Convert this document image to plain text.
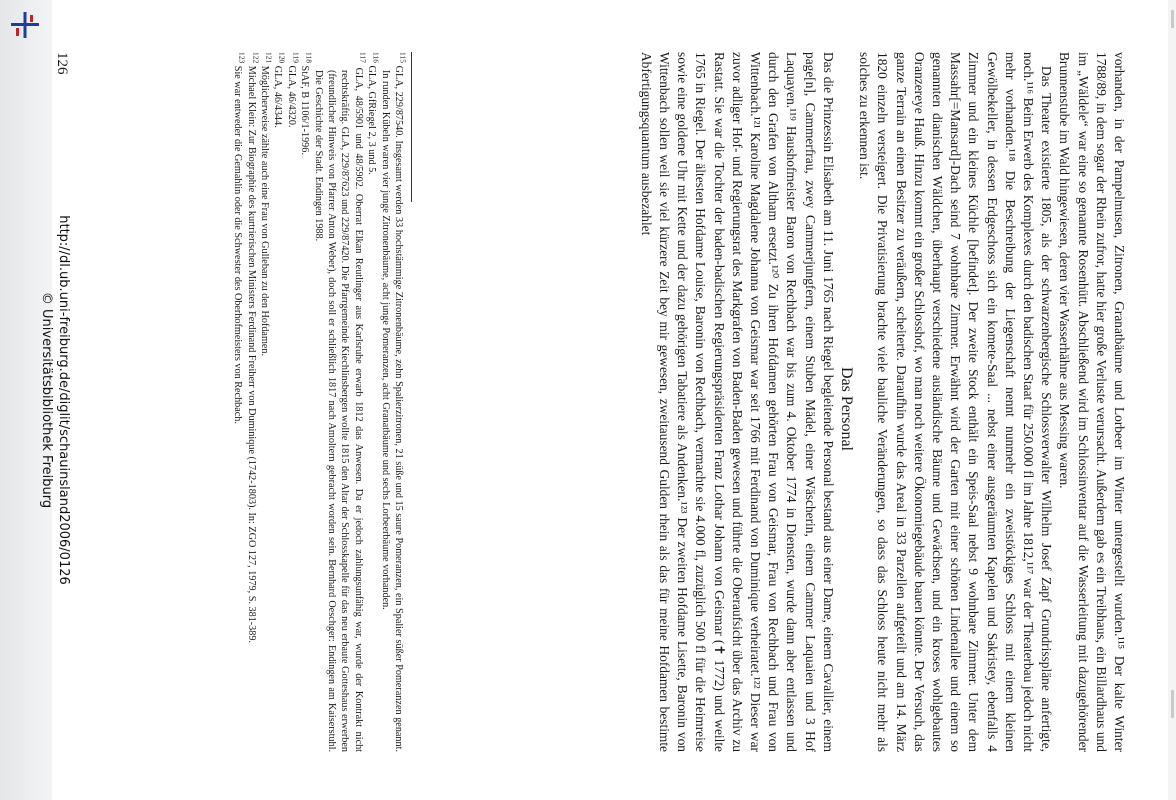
vorhanden, in der Pampelmusen, Zitronen, Granatbäume und Lorbeer im Winter untergestellt wurden.¹¹⁵ Der kalte Winter 1788/89, in dem sogar der Rhein zufror, hatte hier große Verluste verursacht. Außerdem gab es ein Treibhaus, ein Billardhaus und im „Wäldele“ war eine so genannte Rosenhütt. Abschließend wird im Schlossinventar auf die Wasserleitung mit dazugehörender Brunnenstube im Wald hingewiesen, deren vier Wasserhähne aus Messing waren.

Das Theater existierte 1805, als der schwarzenbergische Schlossverwalter Wilhelm Josef Zapf Grundrisspläne anfertigte, noch.¹¹⁶ Beim Erwerb des Komplexes durch den badischen Staat für 250.000 fl im Jahre 1812,¹¹⁷ war der Theaterbau jedoch nicht mehr vorhanden.¹¹⁸ Die Beschreibung der Liegenschaft nennt nunmehr ein zweistöckiges Schloss mit einem kleinen Gewölbekeller, in dessen Erdgeschoss sich ein komete-Saal ... nebst einer ausgeräumten Kapelen und Sakristey, ebenfalls 4 Zimmer und ein kleines Küchle [befindet]. Der zweite Stock enthält ein Speis-Saal nebst 9 wohnbare Zimmer. Unter dem Massahr[=Mansard]-Dach seind 7 wohnbare Zimmer. Erwähnt wird der Garten mit einer schönen Lindenallee und einem so genannten dianischen Wäldchen, überhaupt verschiedene ausländische Bäume und Gewächsen, und ein kroses wohlgebautes Oranzereye Hauß. Hinzu kommt ein großer Schlosshof, wo man noch weitere Ökonomiegebäude bauen könnte. Der Versuch, das ganze Terrain an einen Besitzer zu veräußern, scheiterte. Daraufhin wurde das Areal in 33 Parzellen aufgeteilt und am 14. März 1820 einzeln versteigert. Die Privatisierung brachte viele bauliche Veränderungen, so dass das Schloss heute nicht mehr als solches zu erkennen ist.

Das Personal

Das die Prinzessin Elisabeth am 11. Juni 1765 nach Riegel begleitende Personal bestand aus einer Dame, einem Cavallier, einem page[n], Cammerfrau, zwey Cammerjungfern, einem Stuben Mädel, einer Wäscherin, einem Cammer Laquaien und 3 Hof Laquayen.¹¹⁹ Haushofmeister Baron von Rechbach war bis zum 4. Oktober 1774 in Diensten, wurde dann aber entlassen und durch den Grafen von Altham ersetzt.¹²⁰ Zu ihren Hofdamen gehörten Frau von Geismar, Frau von Rechbach und Frau von Wittenbach.¹²¹ Karoline Magdalene Johanna von Geismar war seit 1766 mit Ferdinand von Duminique verheiratet.¹²² Dieser war zuvor adliger Hof- und Regierungsrat des Markgrafen von Baden-Baden gewesen und führte die Oberaufsicht über das Archiv zu Rastatt. Sie war die Tochter der baden-badischen Regierungspräsidenten Franz Lothar Johann von Geismar (✝ 1772) und weilte 1765 in Riegel. Der ältesten Hofdame Louise, Baronin von Rechbach, vermachte sie 4.000 fl, zuzüglich 500 fl für die Heimreise sowie eine goldene Uhr mit Kette und der dazu gehörigen Tabatiere als Andenken.¹²³ Der zweiten Hofdame Lisette, Baronin von Wittenbach sollen weil sie viel kürzere Zeit bey mir gewesen, zweitausend Gulden rhein als das für meine Hofdamen bestimte Abfertigungsquantum ausbezahlet

$^{115}$ GLA, 229/87540. Insgesamt werden 33 hochstämmige Zitronenbäume, zehn Spalierzitronen, 21 süße und 15 saure Pomeranzen, ein Spalier süßer Pomeranzen genannt. In runden Kübeln waren vier junge Zitronenbäume, acht junge Pomeranzen, acht Granatbäume und sechs Lorbeerbäume vorhanden.

$^{116}$ GLA, GfRiegel 2, 3 und 5.

$^{117}$ GLA, 48/5901 und 48/5902. Oberrat Elkan Reutlinger aus Karlsruhe erwarb 1812 das Anwesen. Da er jedoch zahlungsunfähig war, wurde der Kontrakt nicht rechtskräftig. GLA, 229/87623 und 229/87420. Die Pfarrgemeinde Kiechlinsbergen wollte 1815 den Altar der Schlosskapelle für das neu erbaute Gotteshaus erwerben (freundlicher Hinweis von Pfarrer Anton Weber), doch soll er schließlich 1817 nach Amoltern gebracht worden sein. Bernhard Oeschger: Endingen am Kaiserstuhl. Die Geschichte der Stadt. Endingen 1988.

$^{118}$ StAF, B 1106/1-1996.

$^{119}$ GLA, 46/4320.

$^{120}$ GLA, 46/4344.

$^{121}$ Möglicherweise zählte auch eine Frau von Gulleban zu den Hofdamen.

$^{122}$ Michael Klein: Zur Biographie des kurtrierischen Ministers Ferdinand Freiherr von Duminique (1742-1803). In: ZGO 127, 1979, S. 381-389.

$^{123}$ Sie war entweder die Gemahlin oder die Schwester des Oberhofmeisters von Rechbach.

126
http://dl.ub.uni-freiburg.de/diglit/schauinsland2006/0126
© Universitätsbibliothek Freiburg
